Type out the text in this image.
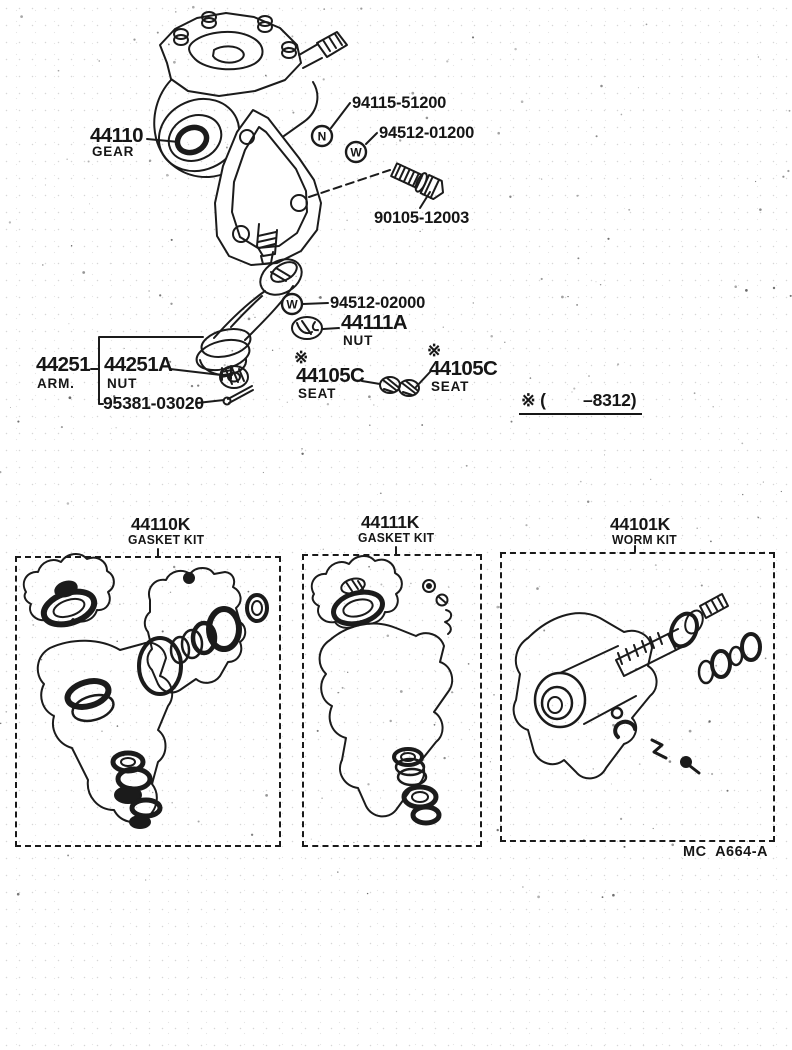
N
W
W
44110
GEAR
94115-51200
94512-01200
90105-12003
94512-02000
44111A
NUT
44251
ARM.
44251A
NUT
95381-03020
※
44105C
SEAT
※
44105C
SEAT
※ (        –8312)
44110K
GASKET KIT
44111K
GASKET KIT
44101K
WORM KIT
MC  A664-A
